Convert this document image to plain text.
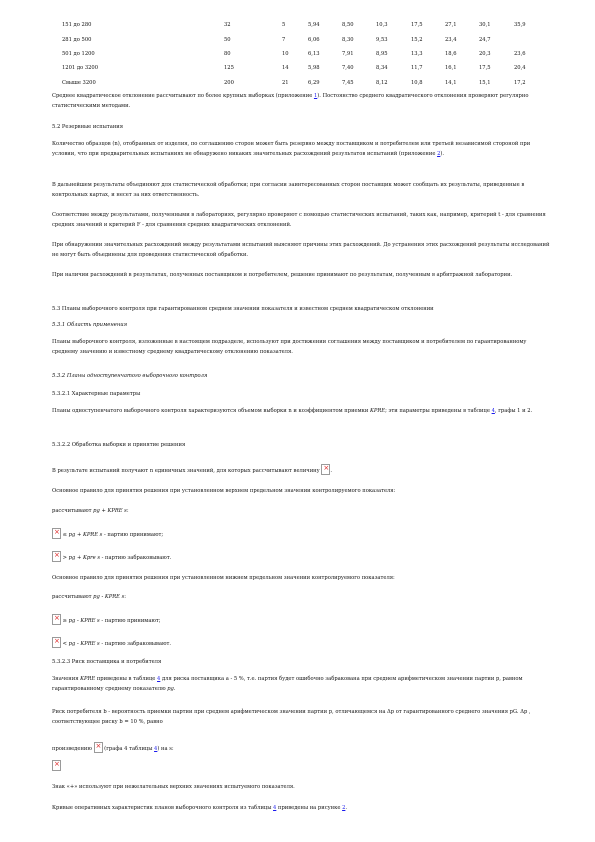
151 до 280	32	5	5,94	8,50	10,3	17,5	27,1	30,1	35,9
281 до 500	50	7	6,06	8,30	9,53	15,2	23,4	24,7	
501 до 1200	80	10	6,13	7,91	8,95	13,3	18,6	20,3	23,6
1201 до 3200	125	14	5,98	7,40	8,34	11,7	16,1	17,5	20,4
Свыше 3200	200	21	6,29	7,45	8,12	10,8	14,1	15,1	17,2

Среднее квадратическое отклонение рассчитывают по более крупных выборках (приложение 1). Постоянство среднего квадратического отклонения проверяют регулярно статистическими методами.

5.2 Резервные испытания

Количество образцов (n), отобранных от изделия, по соглашению сторон может быть резервно между поставщиком и потребителем или третьей независимой стороной при условии, что при предварительных испытаниях не обнаружено никаких значительных расхождений результатов испытаний (приложение 2).

В дальнейшем результаты объединяют для статистической обработки; при согласии заинтересованных сторон поставщик может сообщать их результаты, приведенные в контрольных картах, и несет за них ответственность.

Соответствие между результатами, полученными в лабораториях, регулярно проверяют с помощью статистических испытаний, таких как, например, критерий t - для сравнения средних значений и критерий F - для сравнения средних квадратических отклонений.

При обнаружении значительных расхождений между результатами испытаний выясняют причины этих расхождений. До устранения этих расхождений результаты исследований не могут быть объединены для проведения статистической обработки.

При наличии расхождений в результатах, полученных поставщиком и потребителем, решение принимают по результатам, полученным в арбитражной лаборатории.

5.3 Планы выборочного контроля при гарантированном среднем значении показателя и известном среднем квадратическом отклонении
5.3.1 Область применения

Планы выборочного контроля, изложенные в настоящем подразделе, используют при достижении соглашения между поставщиком и потребителем по гарантированному среднему значению и известному среднему квадратическому отклонению показателя.

5.3.2 Планы одноступенчатого выборочного контроля
5.3.2.1 Характерные параметры

Планы одноступенчатого выборочного контроля характеризуются объемом выборки n и коэффициентом приемки KPRE; эти параметры приведены в таблице 4, графы 1 и 2.

5.3.2.2 Обработка выборки и принятие решения
В результате испытаний получают n единичных значений, для которых рассчитывают величину × .
Основное правило для принятия решения при установленном верхнем предельном значении контролируемого показателя:
рассчитывают pg + KPRE s:
× ≤ pg + KPRE s - партию принимают;
× > pg + Kpre s - партию забраковывают.
Основное правило для принятия решения при установленном нижнем предельном значении контролируемого показателя:
рассчитывают pg - KPRE s:
× ≥ pg - KPRE s - партию принимают;
× < pg - KPRE s - партию забраковывают.
5.3.2.3 Риск поставщика и потребителя

Значения KPRE приведены в таблице 4 для риска поставщика a - 5 %, т.е. партия будет ошибочно забракована при среднем арифметическом значении партии p, равном гарантированному среднему показателю pg.

Риск потребителя b - вероятность приемки партии при среднем арифметическом значении партии p, отличающемся на Δp от гарантированного среднего значения pG. Δp , соответствующее риску b = 10 %, равно

произведению × (графа 4 таблицы 4) на s:
×
Знак «+» используют при нежелательных верхних значениях испытуемого показателя.
Кривые оперативных характеристик планов выборочного контроля из таблицы 4 приведены на рисунке 2.
